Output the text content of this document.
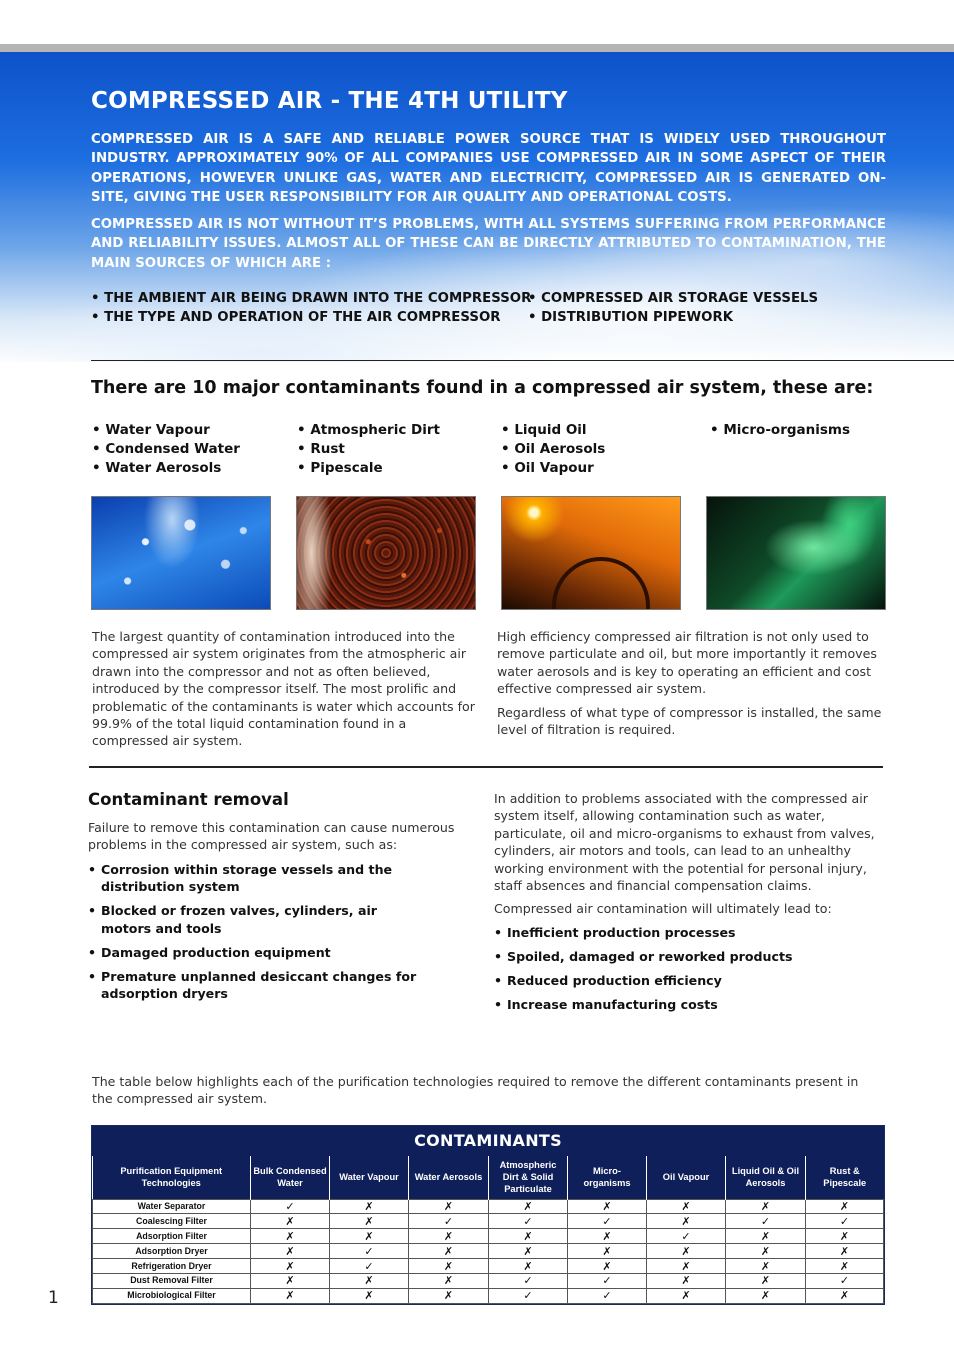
COMPRESSED AIR - THE 4TH UTILITY

COMPRESSED AIR IS A SAFE AND RELIABLE POWER SOURCE THAT IS WIDELY USED THROUGHOUT INDUSTRY. APPROXIMATELY 90% OF ALL COMPANIES USE COMPRESSED AIR IN SOME ASPECT OF THEIR OPERATIONS, HOWEVER UNLIKE GAS, WATER AND ELECTRICITY, COMPRESSED AIR IS GENERATED ON-SITE, GIVING THE USER RESPONSIBILITY FOR AIR QUALITY AND OPERATIONAL COSTS.

COMPRESSED AIR IS NOT WITHOUT IT’S PROBLEMS, WITH ALL SYSTEMS SUFFERING FROM PERFORMANCE AND RELIABILITY ISSUES. ALMOST ALL OF THESE CAN BE DIRECTLY ATTRIBUTED TO CONTAMINATION, THE MAIN SOURCES OF WHICH ARE :

• THE AMBIENT AIR BEING DRAWN INTO THE COMPRESSOR
• THE TYPE AND OPERATION OF THE AIR COMPRESSOR
• COMPRESSED AIR STORAGE VESSELS
• DISTRIBUTION PIPEWORK
There are 10 major contaminants found in a compressed air system, these are:
• Water Vapour
• Condensed Water
• Water Aerosols
• Atmospheric Dirt
• Rust
• Pipescale
• Liquid Oil
• Oil Aerosols
• Oil Vapour
• Micro-organisms

The largest quantity of contamination introduced into the compressed air system originates from the atmospheric air drawn into the compressor and not as often believed, introduced by the compressor itself. The most prolific and problematic of the contaminants is water which accounts for 99.9% of the total liquid contamination found in a compressed air system.

High efficiency compressed air filtration is not only used to remove particulate and oil, but more importantly it removes water aerosols and is key to operating an efficient and cost effective compressed air system.

Regardless of what type of compressor is installed, the same level of filtration is required.

Contaminant removal

Failure to remove this contamination can cause numerous problems in the compressed air system, such as:

• Corrosion within storage vessels and the distribution system
• Blocked or frozen valves, cylinders, air motors and tools
• Damaged production equipment
• Premature unplanned desiccant changes for adsorption dryers

In addition to problems associated with the compressed air system itself, allowing contamination such as water, particulate, oil and micro-organisms to exhaust from valves, cylinders, air motors and tools, can lead to an unhealthy working environment with the potential for personal injury, staff absences and financial compensation claims.

Compressed air contamination will ultimately lead to:

• Inefficient production processes
• Spoiled, damaged or reworked products
• Reduced production efficiency
• Increase manufacturing costs

The table below highlights each of the purification technologies required to remove the different contaminants present in the compressed air system.

CONTAMINANTS
Purification Equipment Technologies	Bulk Condensed Water	Water Vapour	Water Aerosols	Atmospheric Dirt & Solid Particulate	Micro-organisms	Oil Vapour	Liquid Oil & Oil Aerosols	Rust & Pipescale
Water Separator	✓	✗	✗	✗	✗	✗	✗	✗
Coalescing Filter	✗	✗	✓	✓	✓	✗	✓	✓
Adsorption Filter	✗	✗	✗	✗	✗	✓	✗	✗
Adsorption Dryer	✗	✓	✗	✗	✗	✗	✗	✗
Refrigeration Dryer	✗	✓	✗	✗	✗	✗	✗	✗
Dust Removal Filter	✗	✗	✗	✓	✓	✗	✗	✓
Microbiological Filter	✗	✗	✗	✓	✓	✗	✗	✗
1
